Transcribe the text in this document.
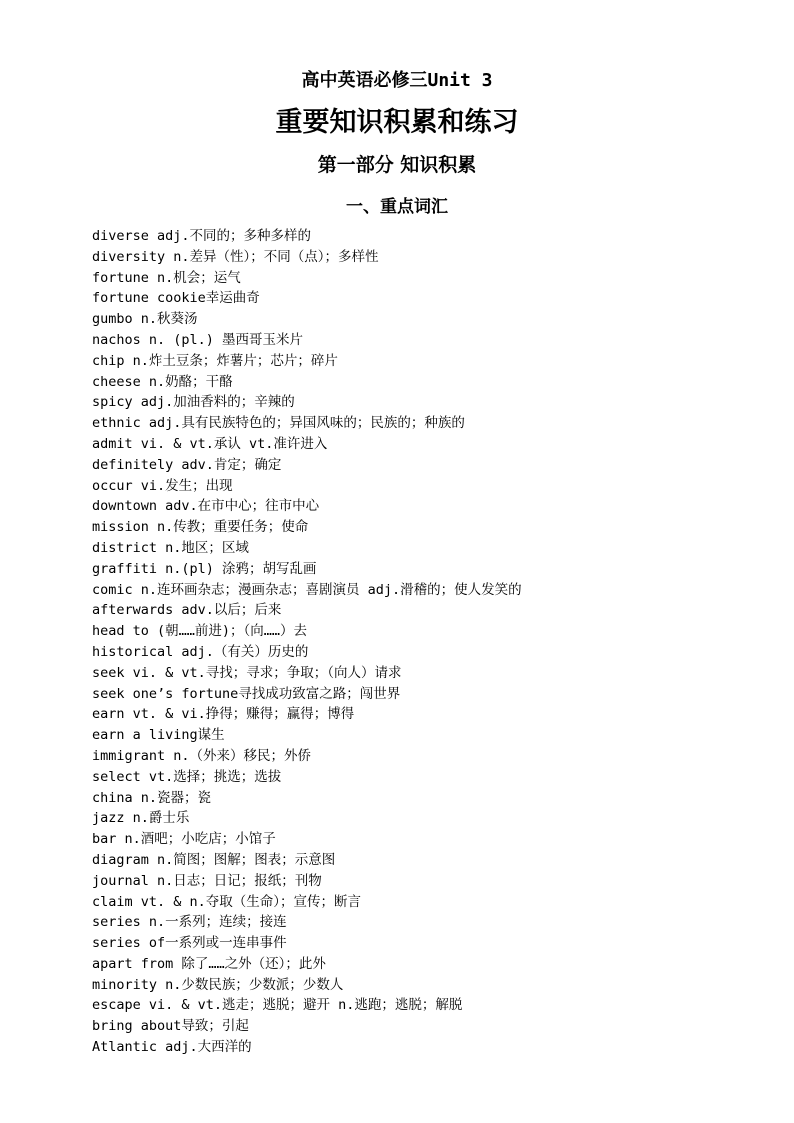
高中英语必修三Unit 3
重要知识积累和练习
第一部分 知识积累
一、重点词汇
diverse adj.不同的；多种多样的
diversity n.差异（性）；不同（点）；多样性
fortune n.机会；运气
fortune cookie幸运曲奇
gumbo n.秋葵汤
nachos n. (pl.) 墨西哥玉米片
chip n.炸土豆条；炸薯片；芯片；碎片
cheese n.奶酪；干酪
spicy adj.加油香料的；辛辣的
ethnic adj.具有民族特色的；异国风味的；民族的；种族的
admit vi. & vt.承认 vt.准许进入
definitely adv.肯定；确定
occur vi.发生；出现
downtown adv.在市中心；往市中心
mission n.传教；重要任务；使命
district n.地区；区域
graffiti n.(pl) 涂鸦；胡写乱画
comic n.连环画杂志；漫画杂志；喜剧演员 adj.滑稽的；使人发笑的
afterwards adv.以后；后来
head to (朝……前进)；（向……）去
historical adj.（有关）历史的
seek vi. & vt.寻找；寻求；争取；（向人）请求
seek one’s fortune寻找成功致富之路；闯世界
earn vt. & vi.挣得；赚得；赢得；博得
earn a living谋生
immigrant n.（外来）移民；外侨
select vt.选择；挑选；选拔
china n.瓷器；瓷
jazz n.爵士乐
bar n.酒吧；小吃店；小馆子
diagram n.简图；图解；图表；示意图
journal n.日志；日记；报纸；刊物
claim vt. & n.夺取（生命）；宣传；断言
series n.一系列；连续；接连
series of一系列或一连串事件
apart from 除了……之外（还）；此外
minority n.少数民族；少数派；少数人
escape vi. & vt.逃走；逃脱；避开 n.逃跑；逃脱；解脱
bring about导致；引起
Atlantic adj.大西洋的
